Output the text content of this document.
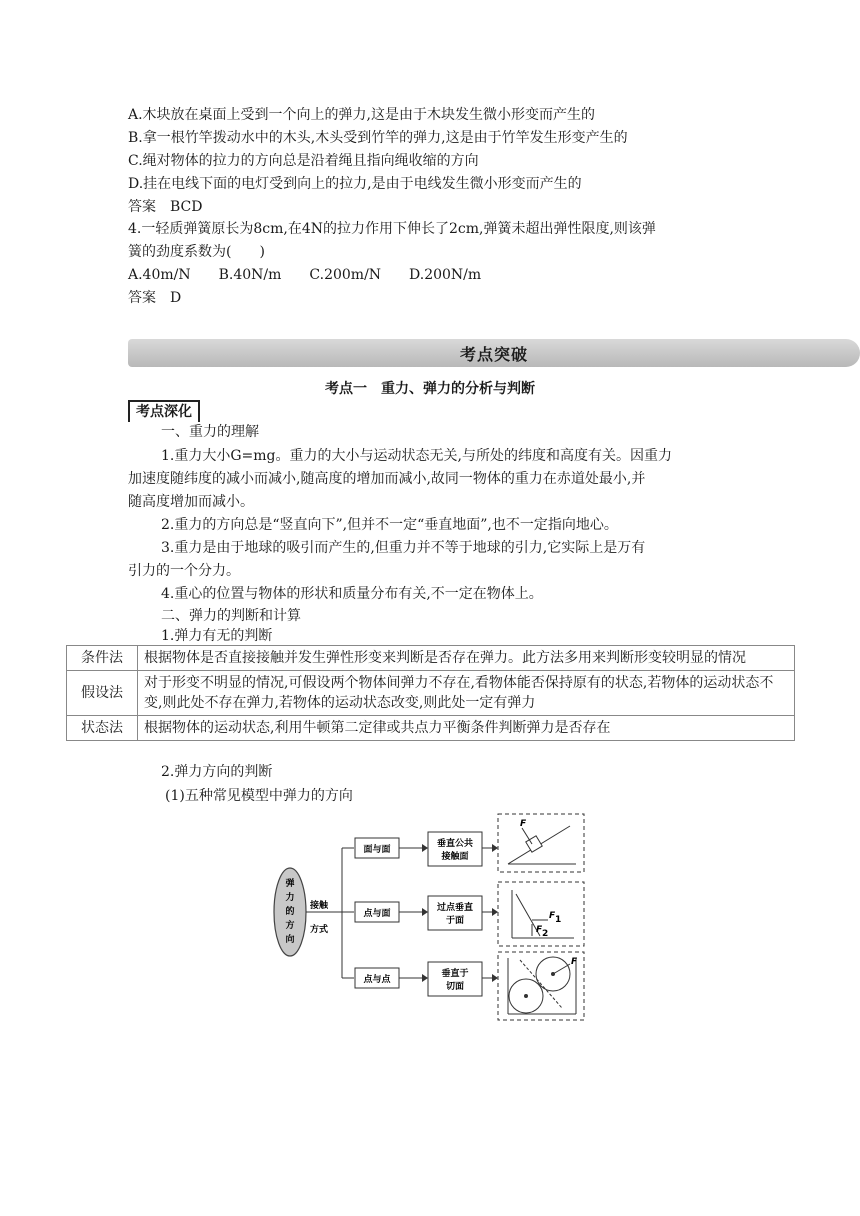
A.木块放在桌面上受到一个向上的弹力,这是由于木块发生微小形变而产生的
B.拿一根竹竿拨动水中的木头,木头受到竹竿的弹力,这是由于竹竿发生形变产生的
C.绳对物体的拉力的方向总是沿着绳且指向绳收缩的方向
D.挂在电线下面的电灯受到向上的拉力,是由于电线发生微小形变而产生的
答案　BCD
4.一轻质弹簧原长为8cm,在4N的拉力作用下伸长了2cm,弹簧未超出弹性限度,则该弹
簧的劲度系数为(　　)
A.40m/N　　B.40N/m　　C.200m/N　　D.200N/m
答案　D
考点突破
考点一　重力、弹力的分析与判断
考点深化
一、重力的理解
1.重力大小G=mg。重力的大小与运动状态无关,与所处的纬度和高度有关。因重力
加速度随纬度的减小而减小,随高度的增加而减小,故同一物体的重力在赤道处最小,并
随高度增加而减小。
2.重力的方向总是“竖直向下”,但并不一定“垂直地面”,也不一定指向地心。
3.重力是由于地球的吸引而产生的,但重力并不等于地球的引力,它实际上是万有
引力的一个分力。
4.重心的位置与物体的形状和质量分布有关,不一定在物体上。
二、弹力的判断和计算
1.弹力有无的判断
条件法	根据物体是否直接接触并发生弹性形变来判断是否存在弹力。此方法多用来判断形变较明显的情况
假设法	对于形变不明显的情况,可假设两个物体间弹力不存在,看物体能否保持原有的状态,若物体的运动状态不变,则此处不存在弹力,若物体的运动状态改变,则此处一定有弹力
状态法	根据物体的运动状态,利用牛顿第二定律或共点力平衡条件判断弹力是否存在
2.弹力方向的判断
(1)五种常见模型中弹力的方向
弹
力
的
方
向
接触
方式
面与面
垂直公共
接触面
F
点与面
过点垂直
于面	F 1
F 2
点与点
垂直于
切面
F
